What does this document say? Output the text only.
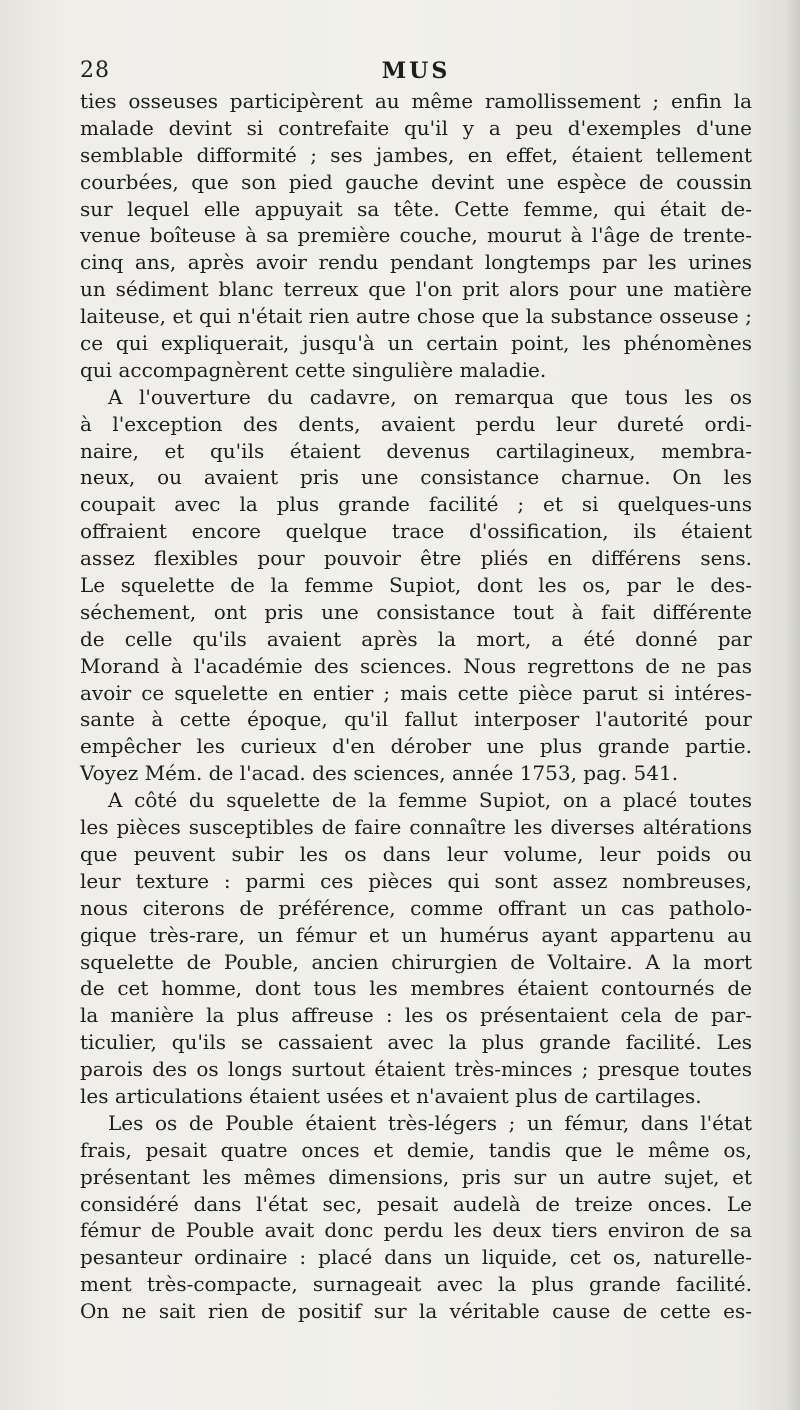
28	MUS
ties osseuses participèrent au même ramollissement ; enfin la
malade devint si contrefaite qu'il y a peu d'exemples d'une
semblable difformité ; ses jambes, en effet, étaient tellement
courbées, que son pied gauche devint une espèce de coussin
sur lequel elle appuyait sa tête. Cette femme, qui était de-
venue boîteuse à sa première couche, mourut à l'âge de trente-
cinq ans, après avoir rendu pendant longtemps par les urines
un sédiment blanc terreux que l'on prit alors pour une matière
laiteuse, et qui n'était rien autre chose que la substance osseuse ;
ce qui expliquerait, jusqu'à un certain point, les phénomènes
qui accompagnèrent cette singulière maladie.
A l'ouverture du cadavre, on remarqua que tous les os
à l'exception des dents, avaient perdu leur dureté ordi-
naire, et qu'ils étaient devenus cartilagineux, membra-
neux, ou avaient pris une consistance charnue. On les
coupait avec la plus grande facilité ; et si quelques-uns
offraient encore quelque trace d'ossification, ils étaient
assez flexibles pour pouvoir être pliés en différens sens.
Le squelette de la femme Supiot, dont les os, par le des-
séchement, ont pris une consistance tout à fait différente
de celle qu'ils avaient après la mort, a été donné par
Morand à l'académie des sciences. Nous regrettons de ne pas
avoir ce squelette en entier ; mais cette pièce parut si intéres-
sante à cette époque, qu'il fallut interposer l'autorité pour
empêcher les curieux d'en dérober une plus grande partie.
Voyez Mém. de l'acad. des sciences, année 1753, pag. 541.
A côté du squelette de la femme Supiot, on a placé toutes
les pièces susceptibles de faire connaître les diverses altérations
que peuvent subir les os dans leur volume, leur poids ou
leur texture : parmi ces pièces qui sont assez nombreuses,
nous citerons de préférence, comme offrant un cas patholo-
gique très-rare, un fémur et un humérus ayant appartenu au
squelette de Pouble, ancien chirurgien de Voltaire. A la mort
de cet homme, dont tous les membres étaient contournés de
la manière la plus affreuse : les os présentaient cela de par-
ticulier, qu'ils se cassaient avec la plus grande facilité. Les
parois des os longs surtout étaient très-minces ; presque toutes
les articulations étaient usées et n'avaient plus de cartilages.
Les os de Pouble étaient très-légers ; un fémur, dans l'état
frais, pesait quatre onces et demie, tandis que le même os,
présentant les mêmes dimensions, pris sur un autre sujet, et
considéré dans l'état sec, pesait audelà de treize onces. Le
fémur de Pouble avait donc perdu les deux tiers environ de sa
pesanteur ordinaire : placé dans un liquide, cet os, naturelle-
ment très-compacte, surnageait avec la plus grande facilité.
On ne sait rien de positif sur la véritable cause de cette es-
